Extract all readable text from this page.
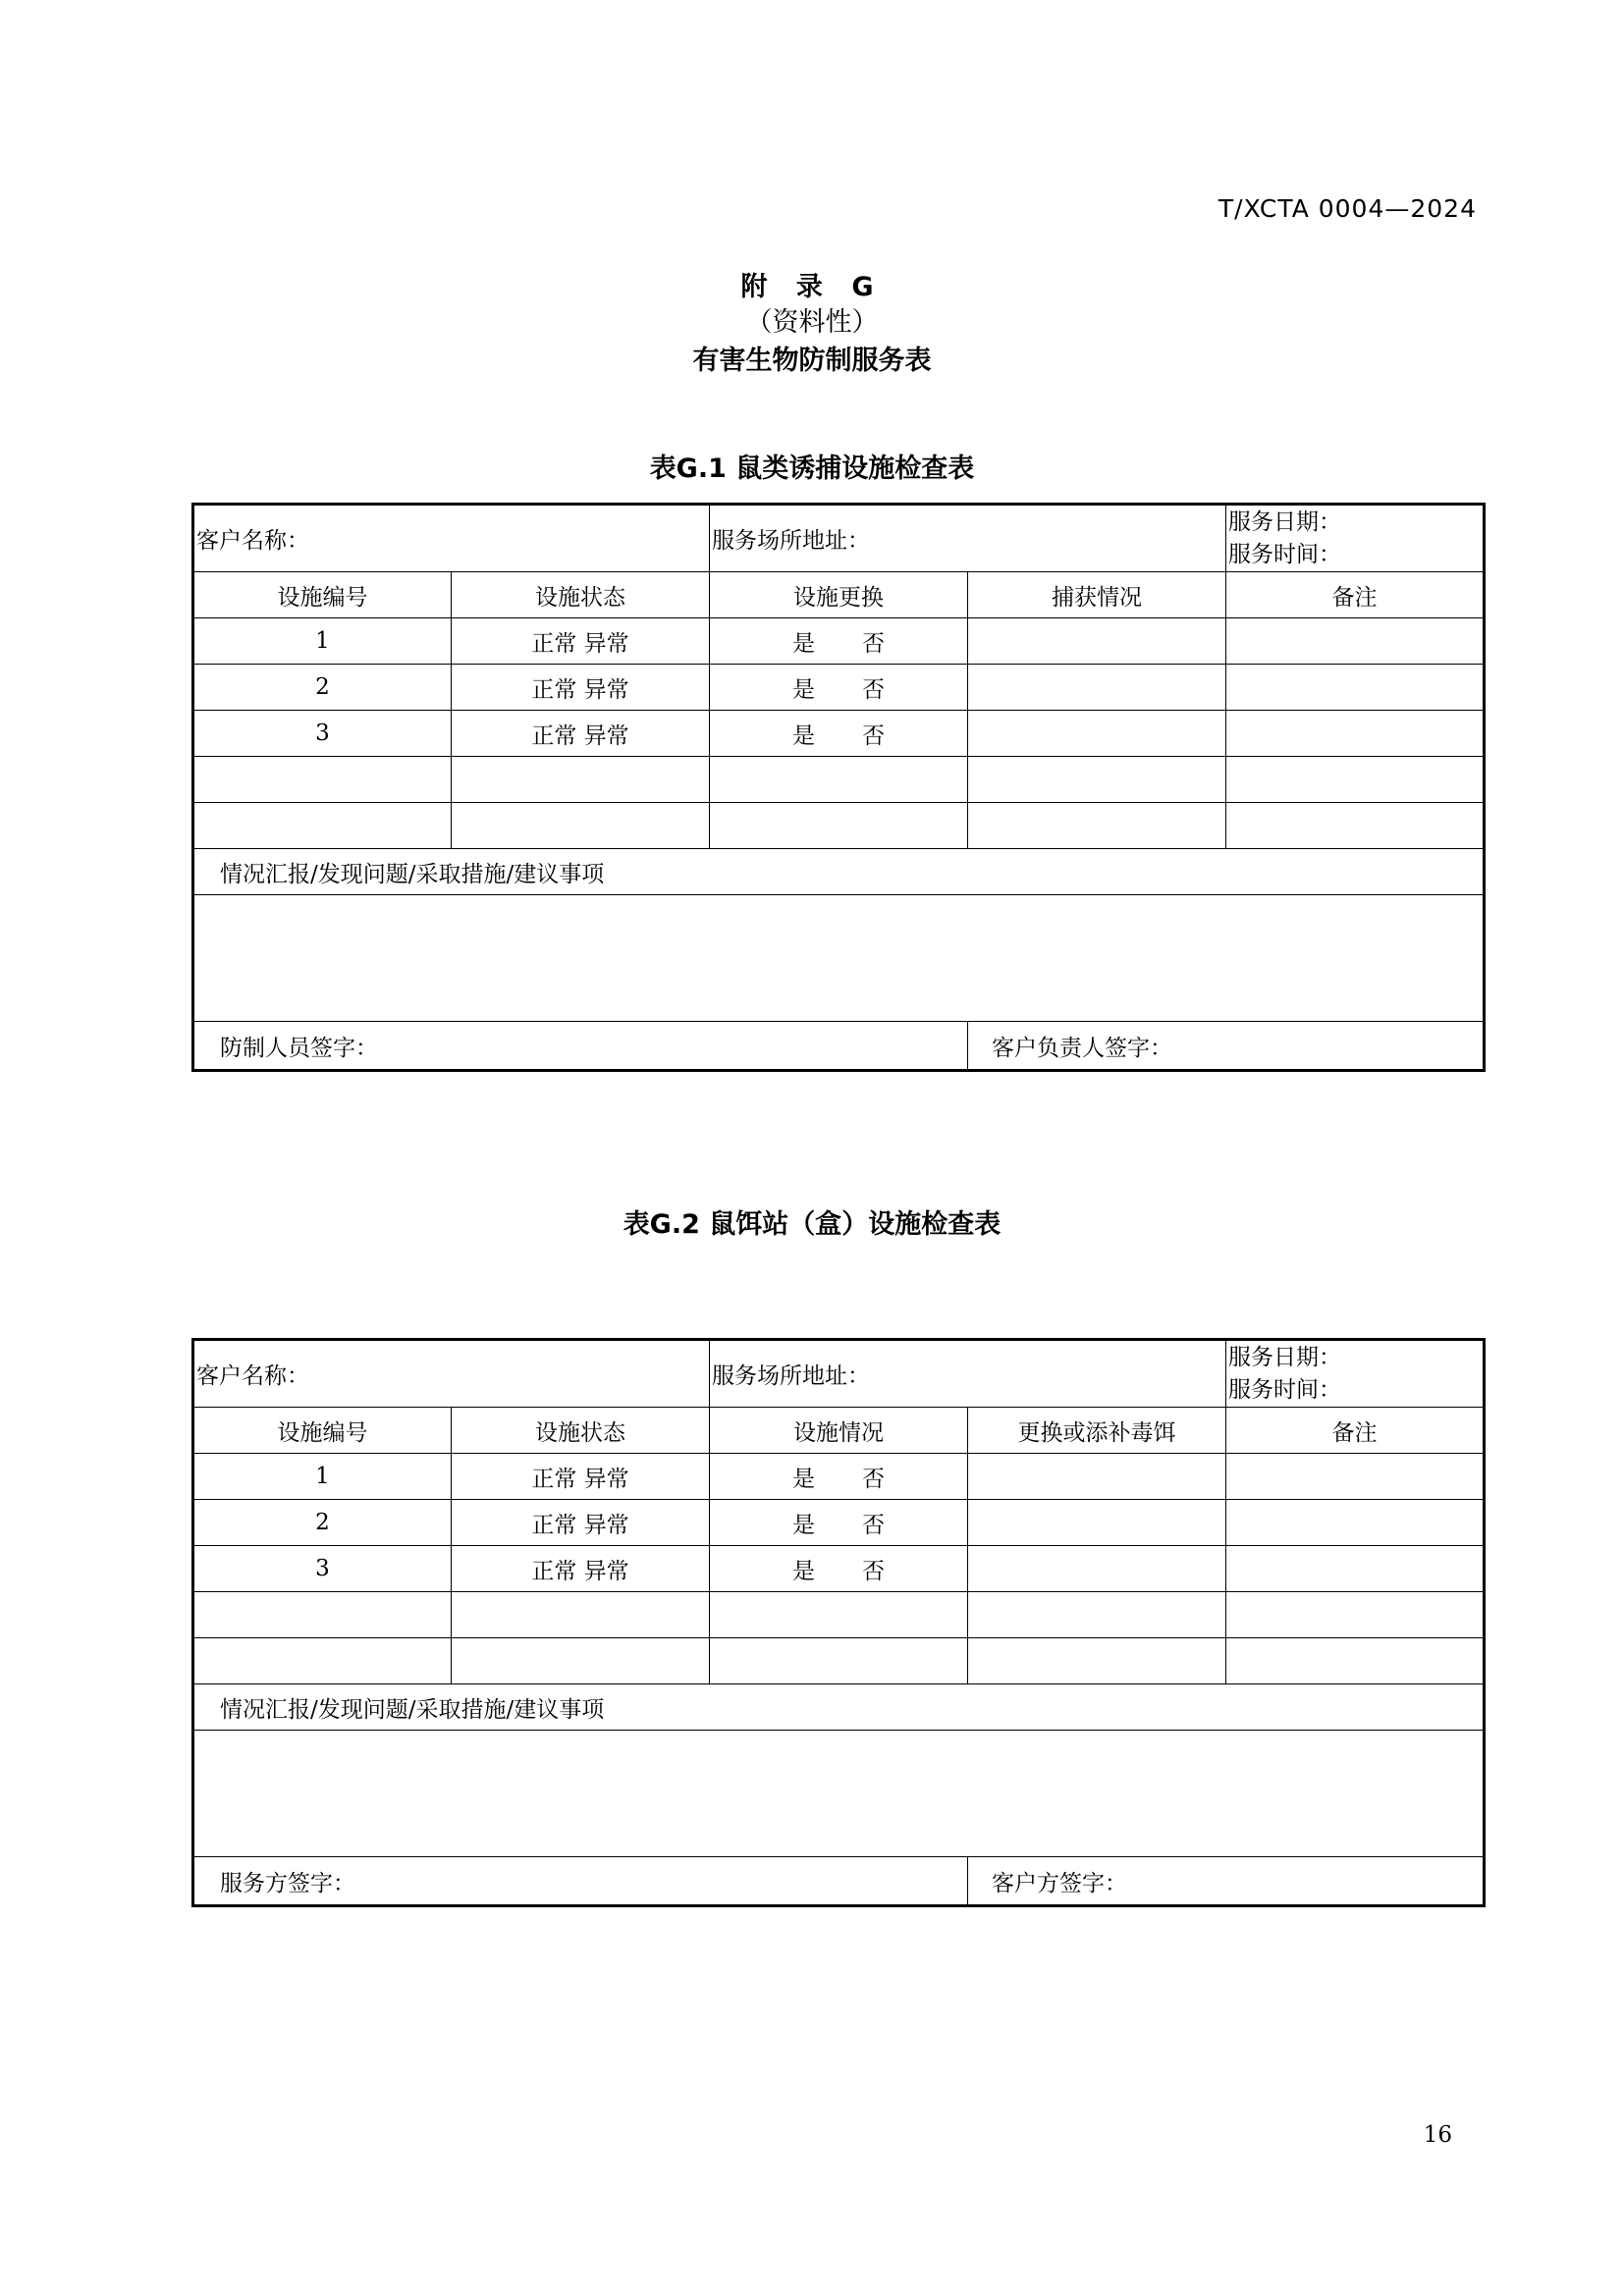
T/XCTA 0004—2024
附 录 G
（资料性）
有害生物防制服务表
表G.1 鼠类诱捕设施检查表
客户名称：		服务场所地址：		服务日期：
服务时间：

设施编号	设施状态	设施更换	捕获情况	备注
1	正常 异常	是 否		
2	正常 异常	是 否		
3	正常 异常	是 否		

情况汇报/发现问题/采取措施/建议事项				

防制人员签字：			客户负责人签字：	
表G.2 鼠饵站（盒）设施检查表
客户名称：		服务场所地址：		服务日期：
服务时间：

设施编号	设施状态	设施情况	更换或添补毒饵	备注
1	正常 异常	是 否		
2	正常 异常	是 否		
3	正常 异常	是 否		

情况汇报/发现问题/采取措施/建议事项				

服务方签字：			客户方签字：	
16
